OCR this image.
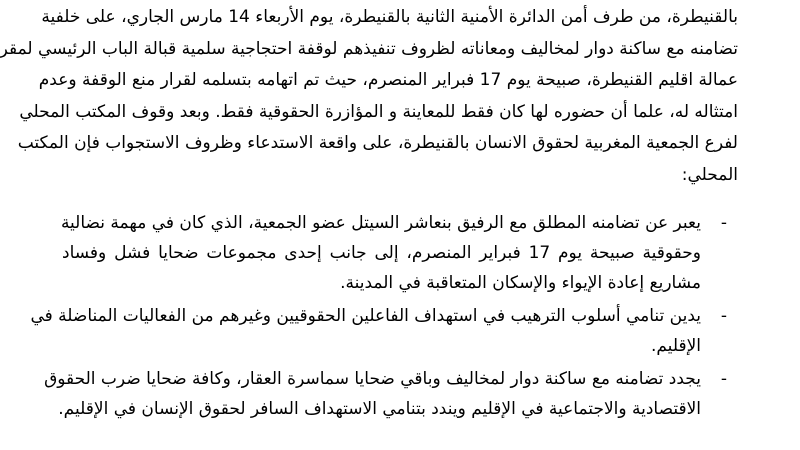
بالقنيطرة، من طرف أمن الدائرة الأمنية الثانية بالقنيطرة، يوم الأربعاء 14 مارس الجاري، على خلفية
تضامنه مع ساكنة دوار لمخاليف ومعاناته لظروف تنفيذهم لوقفة احتجاجية سلمية قبالة الباب الرئيسي لمقر
عمالة اقليم القنيطرة، صبيحة يوم 17 فبراير المنصرم، حيث تم اتهامه بتسلمه لقرار منع الوقفة وعدم
امتثاله له، علما أن حضوره لها كان فقط للمعاينة و المؤازرة الحقوقية فقط. وبعد وقوف المكتب المحلي
لفرع الجمعية المغربية لحقوق الانسان بالقنيطرة، على واقعة الاستدعاء وظروف الاستجواب فإن المكتب
المحلي:

-
يعبر عن تضامنه المطلق مع الرفيق بنعاشر السيتل عضو الجمعية، الذي كان في مهمة نضالية
وحقوقية صبيحة يوم 17 فبراير المنصرم، إلى جانب إحدى مجموعات ضحايا فشل وفساد
مشاريع إعادة الإيواء والإسكان المتعاقبة في المدينة.
-
يدين تنامي أسلوب الترهيب في استهداف الفاعلين الحقوقيين وغيرهم من الفعاليات المناضلة في
الإقليم.
-
يجدد تضامنه مع ساكنة دوار لمخاليف وباقي ضحايا سماسرة العقار، وكافة ضحايا ضرب الحقوق
الاقتصادية والاجتماعية في الإقليم ويندد بتنامي الاستهداف السافر لحقوق الإنسان في الإقليم.
